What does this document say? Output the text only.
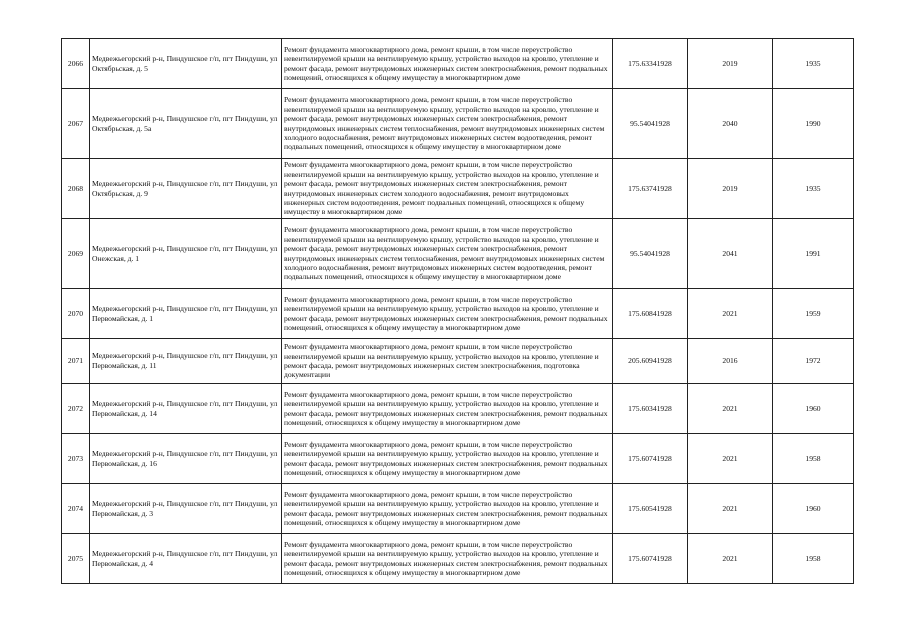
2066	Медвежьегорский р-н, Пиндушское г/п, пгт Пиндуши, ул Октябрьская, д. 5	Ремонт фундамента многоквартирного дома, ремонт крыши, в том числе переустройство невентилируемой крыши на вентилируемую крышу, устройство выходов на кровлю, утепление и ремонт фасада, ремонт внутридомовых инженерных систем электроснабжения, ремонт подвальных помещений, относящихся к общему имуществу в многоквартирном доме	175.63341928	2019	1935
2067	Медвежьегорский р-н, Пиндушское г/п, пгт Пиндуши, ул Октябрьская, д. 5а	Ремонт фундамента многоквартирного дома, ремонт крыши, в том числе переустройство невентилируемой крыши на вентилируемую крышу, устройство выходов на кровлю, утепление и ремонт фасада, ремонт внутридомовых инженерных систем электроснабжения, ремонт внутридомовых инженерных систем теплоснабжения, ремонт внутридомовых инженерных систем холодного водоснабжения, ремонт внутридомовых инженерных систем водоотведения, ремонт подвальных помещений, относящихся к общему имуществу в многоквартирном доме	95.54041928	2040	1990
2068	Медвежьегорский р-н, Пиндушское г/п, пгт Пиндуши, ул Октябрьская, д. 9	Ремонт фундамента многоквартирного дома, ремонт крыши, в том числе переустройство невентилируемой крыши на вентилируемую крышу, устройство выходов на кровлю, утепление и ремонт фасада, ремонт внутридомовых инженерных систем электроснабжения, ремонт внутридомовых инженерных систем холодного водоснабжения, ремонт внутридомовых инженерных систем водоотведения, ремонт подвальных помещений, относящихся к общему имуществу в многоквартирном доме	175.63741928	2019	1935
2069	Медвежьегорский р-н, Пиндушское г/п, пгт Пиндуши, ул Онежская, д. 1	Ремонт фундамента многоквартирного дома, ремонт крыши, в том числе переустройство невентилируемой крыши на вентилируемую крышу, устройство выходов на кровлю, утепление и ремонт фасада, ремонт внутридомовых инженерных систем электроснабжения, ремонт внутридомовых инженерных систем теплоснабжения, ремонт внутридомовых инженерных систем холодного водоснабжения, ремонт внутридомовых инженерных систем водоотведения, ремонт подвальных помещений, относящихся к общему имуществу в многоквартирном доме	95.54041928	2041	1991
2070	Медвежьегорский р-н, Пиндушское г/п, пгт Пиндуши, ул Первомайская, д. 1	Ремонт фундамента многоквартирного дома, ремонт крыши, в том числе переустройство невентилируемой крыши на вентилируемую крышу, устройство выходов на кровлю, утепление и ремонт фасада, ремонт внутридомовых инженерных систем электроснабжения, ремонт подвальных помещений, относящихся к общему имуществу в многоквартирном доме	175.60841928	2021	1959
2071	Медвежьегорский р-н, Пиндушское г/п, пгт Пиндуши, ул Первомайская, д. 11	Ремонт фундамента многоквартирного дома, ремонт крыши, в том числе переустройство невентилируемой крыши на вентилируемую крышу, устройство выходов на кровлю, утепление и ремонт фасада, ремонт внутридомовых инженерных систем электроснабжения, подготовка документации	205.60941928	2016	1972
2072	Медвежьегорский р-н, Пиндушское г/п, пгт Пиндуши, ул Первомайская, д. 14	Ремонт фундамента многоквартирного дома, ремонт крыши, в том числе переустройство невентилируемой крыши на вентилируемую крышу, устройство выходов на кровлю, утепление и ремонт фасада, ремонт внутридомовых инженерных систем электроснабжения, ремонт подвальных помещений, относящихся к общему имуществу в многоквартирном доме	175.60341928	2021	1960
2073	Медвежьегорский р-н, Пиндушское г/п, пгт Пиндуши, ул Первомайская, д. 16	Ремонт фундамента многоквартирного дома, ремонт крыши, в том числе переустройство невентилируемой крыши на вентилируемую крышу, устройство выходов на кровлю, утепление и ремонт фасада, ремонт внутридомовых инженерных систем электроснабжения, ремонт подвальных помещений, относящихся к общему имуществу в многоквартирном доме	175.60741928	2021	1958
2074	Медвежьегорский р-н, Пиндушское г/п, пгт Пиндуши, ул Первомайская, д. 3	Ремонт фундамента многоквартирного дома, ремонт крыши, в том числе переустройство невентилируемой крыши на вентилируемую крышу, устройство выходов на кровлю, утепление и ремонт фасада, ремонт внутридомовых инженерных систем электроснабжения, ремонт подвальных помещений, относящихся к общему имуществу в многоквартирном доме	175.60541928	2021	1960
2075	Медвежьегорский р-н, Пиндушское г/п, пгт Пиндуши, ул Первомайская, д. 4	Ремонт фундамента многоквартирного дома, ремонт крыши, в том числе переустройство невентилируемой крыши на вентилируемую крышу, устройство выходов на кровлю, утепление и ремонт фасада, ремонт внутридомовых инженерных систем электроснабжения, ремонт подвальных помещений, относящихся к общему имуществу в многоквартирном доме	175.60741928	2021	1958
